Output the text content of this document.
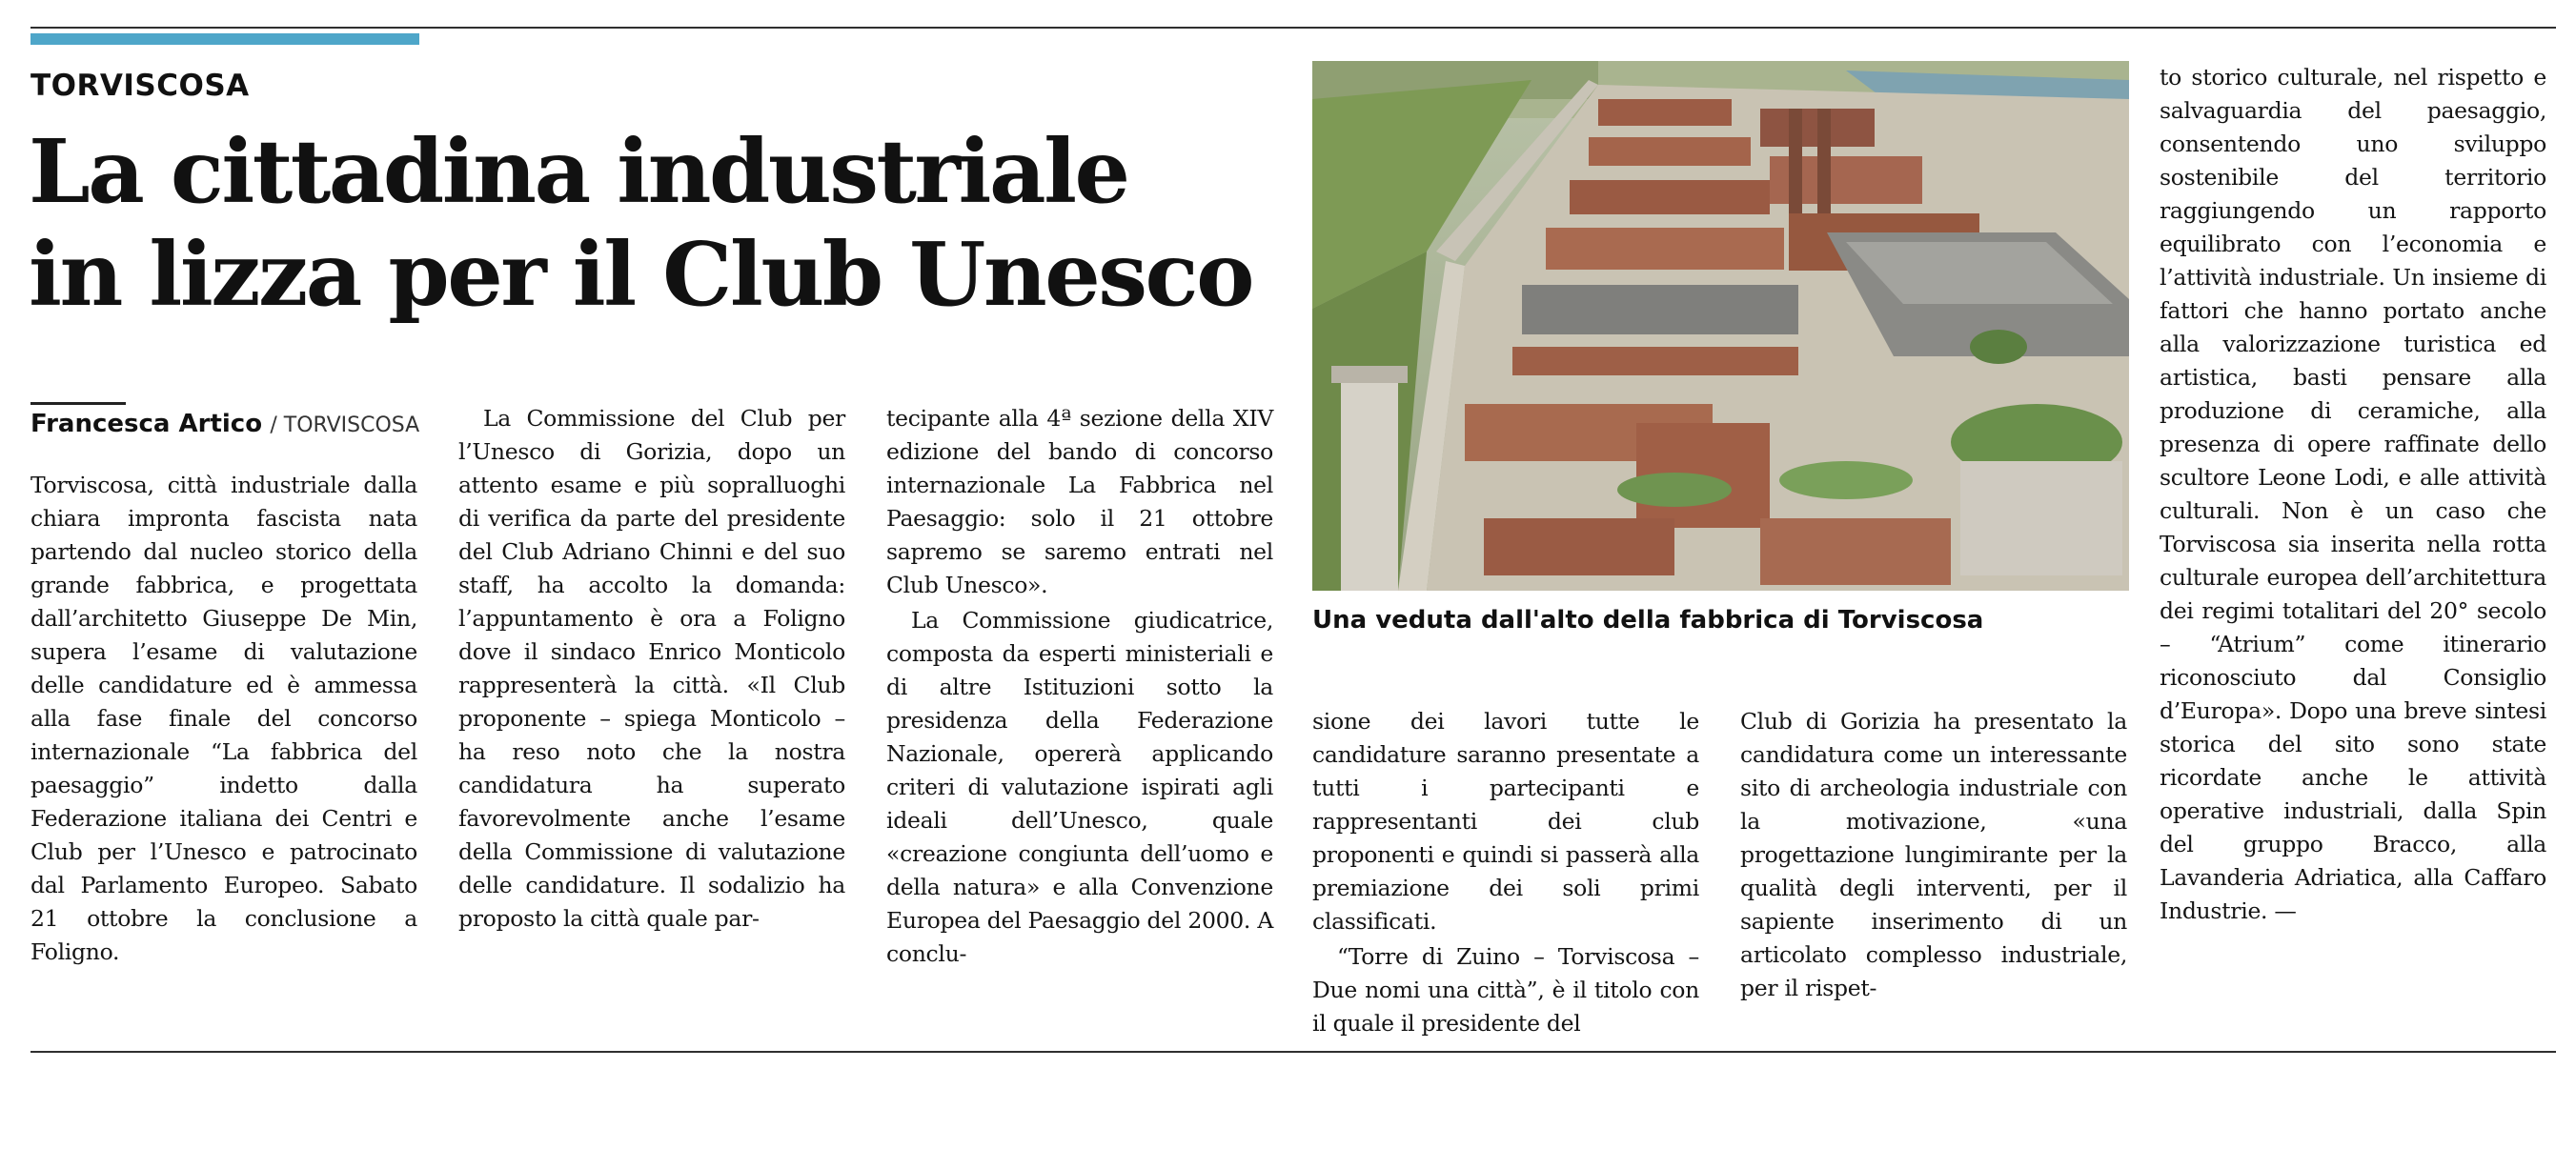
TORVISCOSA
La cittadina industriale
in lizza per il Club Unesco
Francesca Artico / TORVISCOSA

Torviscosa, città industriale dalla chiara impronta fascista nata partendo dal nucleo storico della grande fabbrica, e progettata dall’architetto Giuseppe De Min, supera l’esame di valutazione delle candidature ed è ammessa alla fase finale del concorso internazionale “La fabbrica del paesaggio” indetto dalla Federazione italiana dei Centri e Club per l’Unesco e patrocinato dal Parlamento Europeo. Sabato 21 ottobre la conclusione a Foligno.

La Commissione del Club per l’Unesco di Gorizia, dopo un attento esame e più sopralluoghi di verifica da parte del presidente del Club Adriano Chinni e del suo staff, ha accolto la domanda: l’appuntamento è ora a Foligno dove il sindaco Enrico Monticolo rappresenterà la città. «Il Club proponente – spiega Monticolo – ha reso noto che la nostra candidatura ha superato favorevolmente anche l’esame della Commissione di valutazione delle candidature. Il sodalizio ha proposto la città quale par-

tecipante alla 4ª sezione della XIV edizione del bando di concorso internazionale La Fabbrica nel Paesaggio: solo il 21 ottobre sapremo se saremo entrati nel Club Unesco».

La Commissione giudicatrice, composta da esperti ministeriali e di altre Istituzioni sotto la presidenza della Federazione Nazionale, opererà applicando criteri di valutazione ispirati agli ideali dell’Unesco, quale «creazione congiunta dell’uomo e della natura» e alla Convenzione Europea del Paesaggio del 2000. A conclu-

Una veduta dall'alto della fabbrica di Torviscosa

sione dei lavori tutte le candidature saranno presentate a tutti i partecipanti e rappresentanti dei club proponenti e quindi si passerà alla premiazione dei soli primi classificati.

“Torre di Zuino – Torviscosa – Due nomi una città”, è il titolo con il quale il presidente del

Club di Gorizia ha presentato la candidatura come un interessante sito di archeologia industriale con la motivazione, «una progettazione lungimirante per la qualità degli interventi, per il sapiente inserimento di un articolato complesso industriale, per il rispet-

to storico culturale, nel rispetto e salvaguardia del paesaggio, consentendo uno sviluppo sostenibile del territorio raggiungendo un rapporto equilibrato con l’economia e l’attività industriale. Un insieme di fattori che hanno portato anche alla valorizzazione turistica ed artistica, basti pensare alla produzione di ceramiche, alla presenza di opere raffinate dello scultore Leone Lodi, e alle attività culturali. Non è un caso che Torviscosa sia inserita nella rotta culturale europea dell’architettura dei regimi totalitari del 20° secolo – “Atrium” come itinerario riconosciuto dal Consiglio d’Europa». Dopo una breve sintesi storica del sito sono state ricordate anche le attività operative industriali, dalla Spin del gruppo Bracco, alla Lavanderia Adriatica, alla Caffaro Industrie. —
